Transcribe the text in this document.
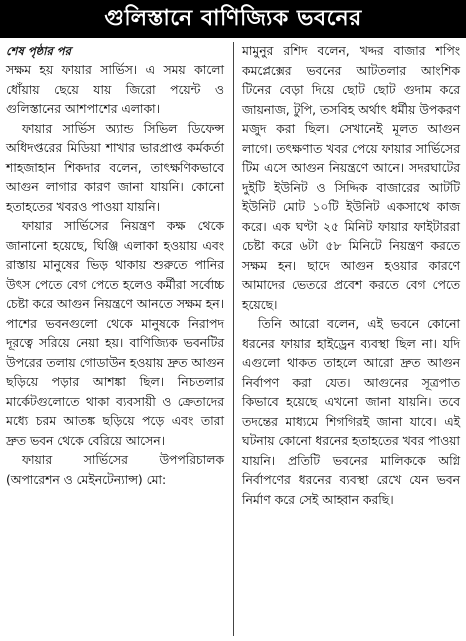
গুলিস্তানে বাণিজ্যিক ভবনের
শেষ পৃষ্ঠার পর

সক্ষম হয় ফায়ার সার্ভিস। এ সময় কালো ধোঁয়ায় ছেয়ে যায় জিরো পয়েন্ট ও গুলিস্তানের আশপাশের এলাকা।

ফায়ার সার্ভিস অ্যান্ড সিভিল ডিফেন্স অধিদপ্তরের মিডিয়া শাখার ভারপ্রাপ্ত কর্মকর্তা শাহজাহান শিকদার বলেন, তাৎক্ষণিকভাবে আগুন লাগার কারণ জানা যায়নি। কোনো হতাহতের খবরও পাওয়া যায়নি।

ফায়ার সার্ভিসের নিয়ন্ত্রণ কক্ষ থেকে জানানো হয়েছে, ঘিঞ্জি এলাকা হওয়ায় এবং রাস্তায় মানুষের ভিড় থাকায় শুরুতে পানির উৎস পেতে বেগ পেতে হলেও কর্মীরা সর্বোচ্চ চেষ্টা করে আগুন নিয়ন্ত্রণে আনতে সক্ষম হন। পাশের ভবনগুলো থেকে মানুষকে নিরাপদ দূরত্বে সরিয়ে নেয়া হয়। বাণিজ্যিক ভবনটির উপরের তলায় গোডাউন হওয়ায় দ্রুত আগুন ছড়িয়ে পড়ার আশঙ্কা ছিল। নিচতলার মার্কেটগুলোতে থাকা ব্যবসায়ী ও ক্রেতাদের মধ্যে চরম আতঙ্ক ছড়িয়ে পড়ে এবং তারা দ্রুত ভবন থেকে বেরিয়ে আসেন।

ফায়ার সার্ভিসের উপপরিচালক (অপারেশন ও মেইনটেন্যান্স) মো:

মামুনুর রশিদ বলেন, খদ্দর বাজার শপিং কমপ্লেক্সের ভবনের আটতলার আংশিক টিনের বেড়া দিয়ে ছোট ছোট গুদাম করে জায়নাজ, টুপি, তসবিহ অর্থাৎ ধর্মীয় উপকরণ মজুদ করা ছিল। সেখানেই মূলত আগুন লাগে। তৎক্ষণাত খবর পেয়ে ফায়ার সার্ভিসের টিম এসে আগুন নিয়ন্ত্রণে আনে। সদরঘাটের দুইটি ইউনিট ও সিদ্দিক বাজারের আটটি ইউনিট মোট ১০টি ইউনিট একসাথে কাজ করে। এক ঘণ্টা ২৫ মিনিট ফায়ার ফাইটাররা চেষ্টা করে ৬টা ৫৮ মিনিটে নিয়ন্ত্রণ করতে সক্ষম হন। ছাদে আগুন হওয়ার কারণে আমাদের ভেতরে প্রবেশ করতে বেগ পেতে হয়েছে।

তিনি আরো বলেন, এই ভবনে কোনো ধরনের ফায়ার হাইড্রেন ব্যবস্থা ছিল না। যদি এগুলো থাকত তাহলে আরো দ্রুত আগুন নির্বাপণ করা যেত। আগুনের সূত্রপাত কিভাবে হয়েছে এখনো জানা যায়নি। তবে তদন্তের মাধ্যমে শিগগিরই জানা যাবে। এই ঘটনায় কোনো ধরনের হতাহতের খবর পাওয়া যায়নি। প্রতিটি ভবনের মালিককে অগ্নি নির্বাপণের ধরনের ব্যবস্থা রেখে যেন ভবন নির্মাণ করে সেই আহ্বান করছি।
